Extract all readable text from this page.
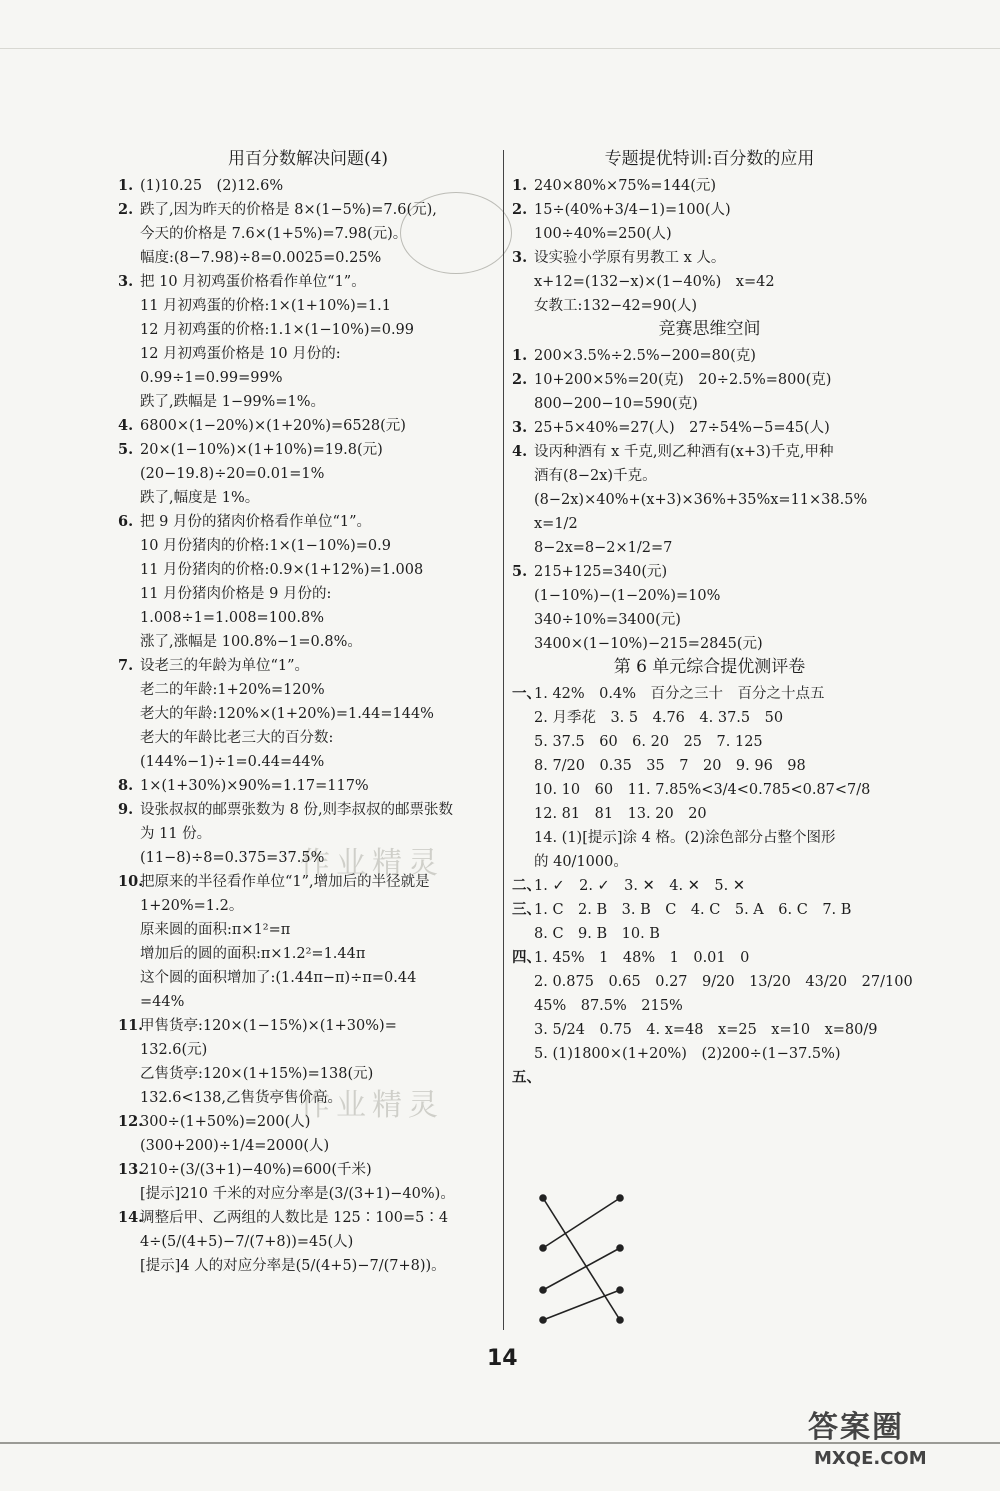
作业精灵
作业精灵
用百分数解决问题(4)
1. (1)10.25　(2)12.6%
2. 跌了,因为昨天的价格是 8×(1−5%)=7.6(元),
今天的价格是 7.6×(1+5%)=7.98(元)。
幅度:(8−7.98)÷8=0.0025=0.25%
3. 把 10 月初鸡蛋价格看作单位“1”。
11 月初鸡蛋的价格:1×(1+10%)=1.1
12 月初鸡蛋的价格:1.1×(1−10%)=0.99
12 月初鸡蛋价格是 10 月份的:
0.99÷1=0.99=99%
跌了,跌幅是 1−99%=1%。
4. 6800×(1−20%)×(1+20%)=6528(元)
5. 20×(1−10%)×(1+10%)=19.8(元)
(20−19.8)÷20=0.01=1%
跌了,幅度是 1%。
6. 把 9 月份的猪肉价格看作单位“1”。
10 月份猪肉的价格:1×(1−10%)=0.9
11 月份猪肉的价格:0.9×(1+12%)=1.008
11 月份猪肉价格是 9 月份的:
1.008÷1=1.008=100.8%
涨了,涨幅是 100.8%−1=0.8%。
7. 设老三的年龄为单位“1”。
老二的年龄:1+20%=120%
老大的年龄:120%×(1+20%)=1.44=144%
老大的年龄比老三大的百分数:
(144%−1)÷1=0.44=44%
8. 1×(1+30%)×90%=1.17=117%
9. 设张叔叔的邮票张数为 8 份,则李叔叔的邮票张数
为 11 份。
(11−8)÷8=0.375=37.5%
10.把原来的半径看作单位“1”,增加后的半径就是
1+20%=1.2。
原来圆的面积:π×1²=π
增加后的圆的面积:π×1.2²=1.44π
这个圆的面积增加了:(1.44π−π)÷π=0.44
=44%
11.甲售货亭:120×(1−15%)×(1+30%)=
132.6(元)
乙售货亭:120×(1+15%)=138(元)
132.6<138,乙售货亭售价高。
12.300÷(1+50%)=200(人)
(300+200)÷1/4=2000(人)
13.210÷(3/(3+1)−40%)=600(千米)
[提示]210 千米的对应分率是(3/(3+1)−40%)。
14.调整后甲、乙两组的人数比是 125∶100=5∶4
4÷(5/(4+5)−7/(7+8))=45(人)
[提示]4 人的对应分率是(5/(4+5)−7/(7+8))。
专题提优特训:百分数的应用
1. 240×80%×75%=144(元)
2. 15÷(40%+3/4−1)=100(人)
100÷40%=250(人)
3. 设实验小学原有男教工 x 人。
x+12=(132−x)×(1−40%)　x=42
女教工:132−42=90(人)
竞赛思维空间
1. 200×3.5%÷2.5%−200=80(克)
2. 10+200×5%=20(克)　20÷2.5%=800(克)
800−200−10=590(克)
3. 25+5×40%=27(人)　27÷54%−5=45(人)
4. 设丙种酒有 x 千克,则乙种酒有(x+3)千克,甲种
酒有(8−2x)千克。
(8−2x)×40%+(x+3)×36%+35%x=11×38.5%
x=1/2
8−2x=8−2×1/2=7
5. 215+125=340(元)
(1−10%)−(1−20%)=10%
340÷10%=3400(元)
3400×(1−10%)−215=2845(元)
第 6 单元综合提优测评卷
一、1. 42%　0.4%　百分之三十　百分之十点五
2. 月季花　3. 5　4.76　4. 37.5　50
5. 37.5　60　6. 20　25　7. 125
8. 7/20　0.35　35　7　20　9. 96　98
10. 10　60　11. 7.85%<3/4<0.785<0.87<7/8
12. 81　81　13. 20　20
14. (1)[提示]涂 4 格。(2)涂色部分占整个图形
的 40/1000。
二、1. ✓　2. ✓　3. ✕　4. ✕　5. ✕
三、1. C　2. B　3. B　C　4. C　5. A　6. C　7. B
8. C　9. B　10. B
四、1. 45%　1　48%　1　0.01　0
2. 0.875　0.65　0.27　9/20　13/20　43/20　27/100
45%　87.5%　215%
3. 5/24　0.75　4. x=48　x=25　x=10　x=80/9
5. (1)1800×(1+20%)　(2)200÷(1−37.5%)
五、
14
答案圈
MXQE.COM
